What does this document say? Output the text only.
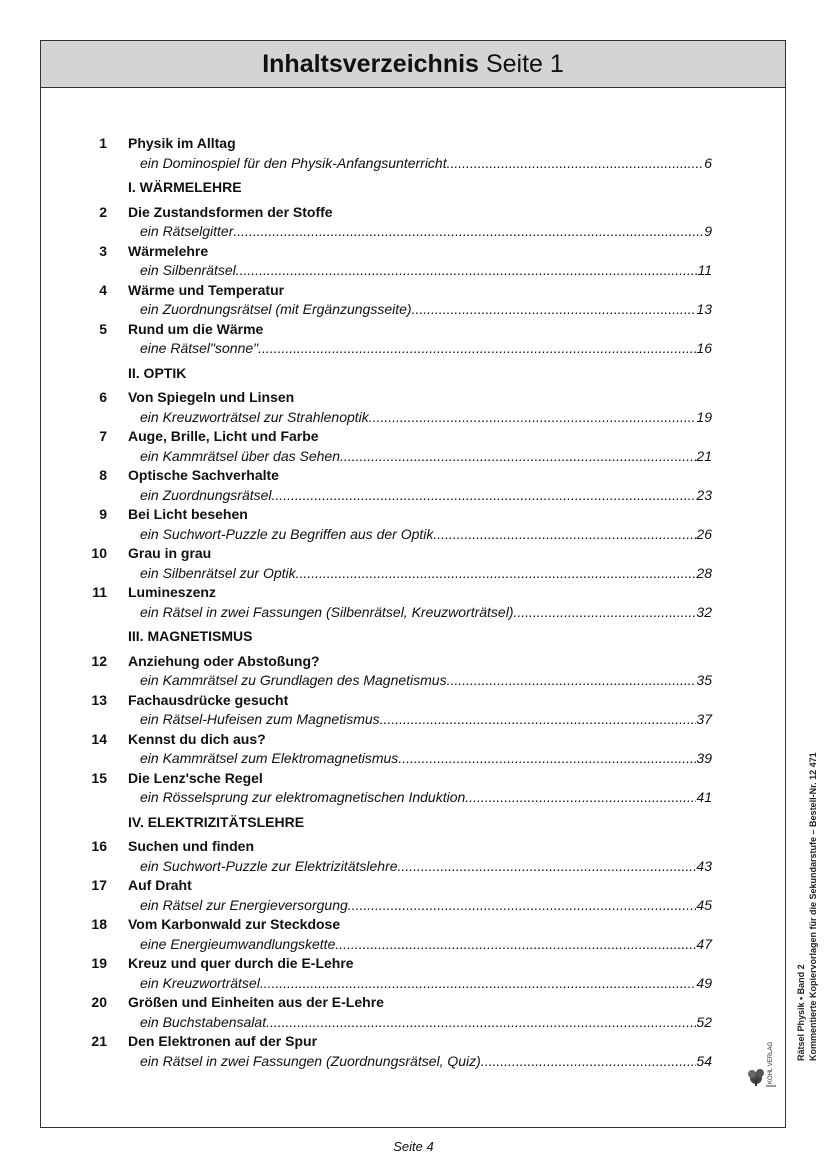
Inhaltsverzeichnis Seite 1
1 Physik im Alltag
ein Dominospiel für den Physik-Anfangsunterricht .....	6
I. WÄRMELEHRE
2 Die Zustandsformen der Stoffe
ein Rätselgitter .....	9
3 Wärmelehre
ein Silbenrätsel .....	11
4 Wärme und Temperatur
ein Zuordnungsrätsel (mit Ergänzungsseite) .....	13
5 Rund um die Wärme
eine Rätsel"sonne" .....	16
II. OPTIK
6 Von Spiegeln und Linsen
ein Kreuzworträtsel zur Strahlenoptik .....	19
7 Auge, Brille, Licht und Farbe
ein Kammrätsel über das Sehen .....	21
8 Optische Sachverhalte
ein Zuordnungsrätsel .....	23
9 Bei Licht besehen
ein Suchwort-Puzzle zu Begriffen aus der Optik .....	26
10 Grau in grau
ein Silbenrätsel zur Optik .....	28
11 Lumineszenz
ein Rätsel in zwei Fassungen (Silbenrätsel, Kreuzworträtsel) .....	32
III. MAGNETISMUS
12 Anziehung oder Abstoßung?
ein Kammrätsel zu Grundlagen des Magnetismus .....	35
13 Fachausdrücke gesucht
ein Rätsel-Hufeisen zum Magnetismus .....	37
14 Kennst du dich aus?
ein Kammrätsel zum Elektromagnetismus .....	39
15 Die Lenz'sche Regel
ein Rösselsprung zur elektromagnetischen Induktion .....	41
IV. ELEKTRIZITÄTSLEHRE
16 Suchen und finden
ein Suchwort-Puzzle zur Elektrizitätslehre .....	43
17 Auf Draht
ein Rätsel zur Energieversorgung .....	45
18 Vom Karbonwald zur Steckdose
eine Energieumwandlungskette .....	47
19 Kreuz und quer durch die E-Lehre
ein Kreuzworträtsel .....	49
20 Größen und Einheiten aus der E-Lehre
ein Buchstabensalat .....	52
21 Den Elektronen auf der Spur
ein Rätsel in zwei Fassungen (Zuordnungsrätsel, Quiz) .....	54	Rätsel Physik • Band 2 Kommentierte Kopiervorlagen für die Sekundarstufe – Bestell-Nr. 12 471
KOHL VERLAG
Seite 4
